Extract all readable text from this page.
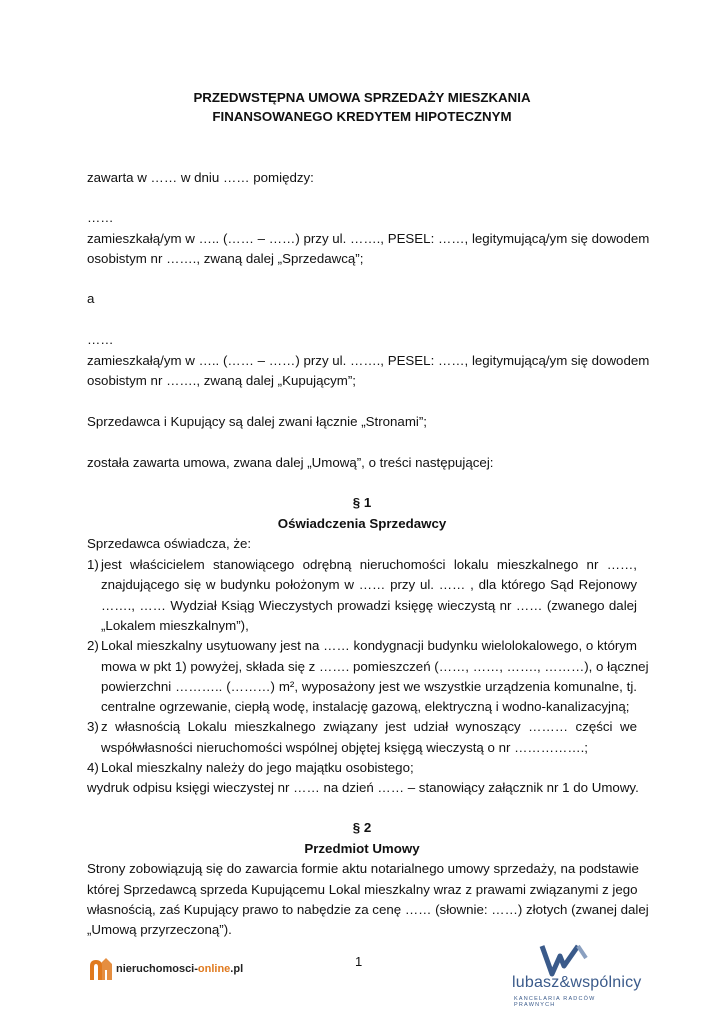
PRZEDWSTĘPNA UMOWA SPRZEDAŻY MIESZKANIA
FINANSOWANEGO KREDYTEM HIPOTECZNYM
zawarta w …… w dniu …… pomiędzy:
……
zamieszkałą/ym w ….. (…… – ……) przy ul. ……., PESEL: ……, legitymującą/ym się dowodem
osobistym nr ……., zwaną dalej „Sprzedawcą”;
a
……
zamieszkałą/ym w ….. (…… – ……) przy ul. ……., PESEL: ……, legitymującą/ym się dowodem
osobistym nr ……., zwaną dalej „Kupującym”;
Sprzedawca i Kupujący są dalej zwani łącznie „Stronami”;
została zawarta umowa, zwana dalej „Umową”, o treści następującej:
§ 1
Oświadczenia Sprzedawcy
Sprzedawca oświadcza, że:
1) jest właścicielem stanowiącego odrębną nieruchomości lokalu mieszkalnego nr ……,
znajdującego się w budynku położonym w …… przy ul. …… , dla którego Sąd Rejonowy
……., …… Wydział Ksiąg Wieczystych prowadzi księgę wieczystą nr …… (zwanego dalej
„Lokalem mieszkalnym”),
2) Lokal mieszkalny usytuowany jest na …… kondygnacji budynku wielolokalowego, o którym
mowa w pkt 1) powyżej, składa się z ……. pomieszczeń (……, ……, ……., ………), o łącznej
powierzchni ……….. (………) m², wyposażony jest we wszystkie urządzenia komunalne, tj.
centralne ogrzewanie, ciepłą wodę, instalację gazową, elektryczną i wodno-kanalizacyjną;
3) z własnością Lokalu mieszkalnego związany jest udział wynoszący ……… części we
współwłasności nieruchomości wspólnej objętej księgą wieczystą o nr …………….;
4) Lokal mieszkalny należy do jego majątku osobistego;
wydruk odpisu księgi wieczystej nr …… na dzień …… – stanowiący załącznik nr 1 do Umowy.
§ 2
Przedmiot Umowy
Strony zobowiązują się do zawarcia formie aktu notarialnego umowy sprzedaży, na podstawie
której Sprzedawcą sprzeda Kupującemu Lokal mieszkalny wraz z prawami związanymi z jego
własnością, zaś Kupujący prawo to nabędzie za cenę …… (słownie: ……) złotych (zwanej dalej
„Umową przyrzeczoną”).
1
nieruchomosci-online.pl
lubasz&wspólnicy
KANCELARIA RADCÓW PRAWNYCH
